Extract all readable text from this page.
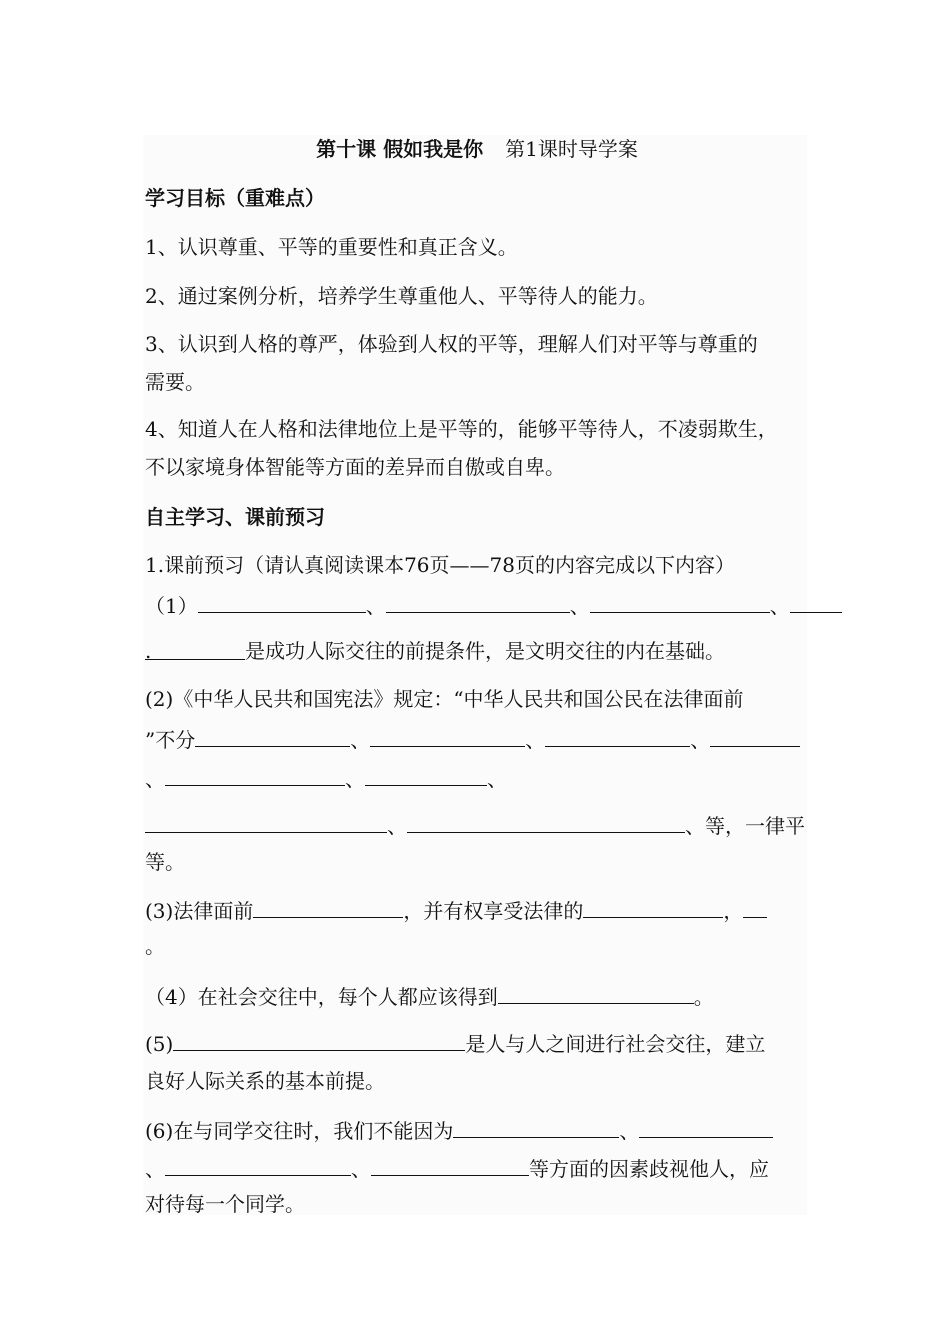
第十课 假如我是你 第1课时导学案
学习目标（重难点）
1、认识尊重、平等的重要性和真正含义。
2、通过案例分析，培养学生尊重他人、平等待人的能力。
3、认识到人格的尊严，体验到人权的平等，理解人们对平等与尊重的
需要。
4、知道人在人格和法律地位上是平等的，能够平等待人，不凌弱欺生，
不以家境身体智能等方面的差异而自傲或自卑。
自主学习、课前预习
1.课前预习（请认真阅读课本76页——78页的内容完成以下内容）
（1）	、	、	、
.	是成功人际交往的前提条件，是文明交往的内在基础。
(2)《中华人民共和国宪法》规定：“中华人民共和国公民在法律面前
”不分	、	、	、
、	、	、
、	、等，一律平
等。
(3)法律面前	，并有权享受法律的	，
。
（4）在社会交往中，每个人都应该得到	。
(5)	是人与人之间进行社会交往，建立
良好人际关系的基本前提。
(6)在与同学交往时，我们不能因为	、
、	、	等方面的因素歧视他人，应
对待每一个同学。
